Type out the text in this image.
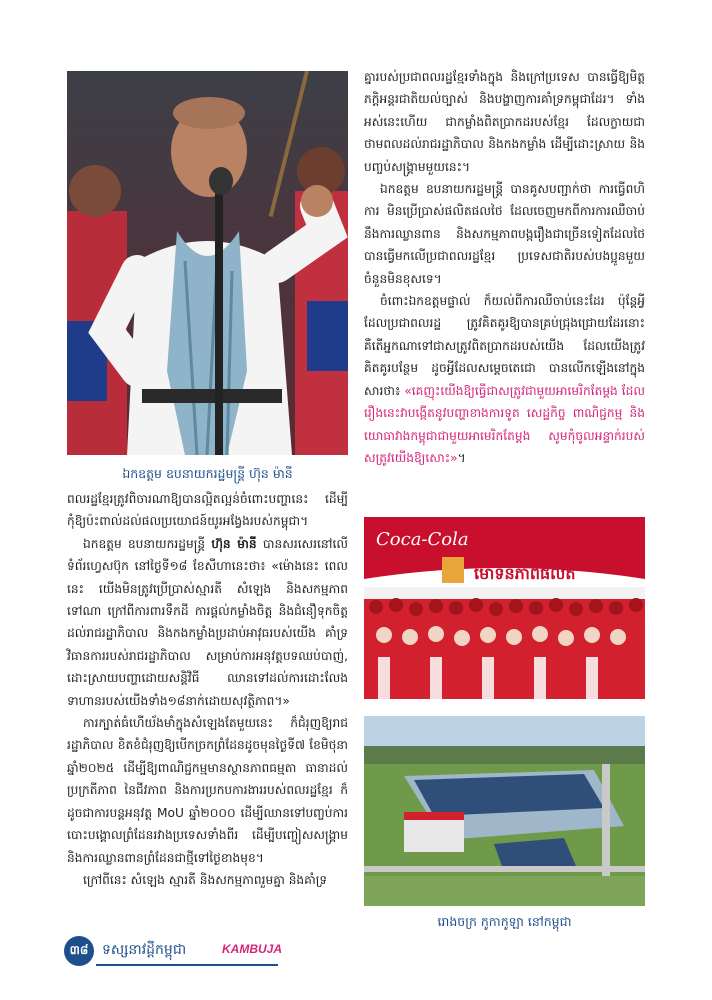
ឯកឧត្តម ឧបនាយករដ្ឋមន្ត្រី ហ៊ុន ម៉ានី

ពលរដ្ឋខ្មែរត្រូវពិចារណាឱ្យបានល្អិតល្អន់ចំពោះបញ្ហានេះ ដើម្បីកុំឱ្យប៉ះពាល់ដល់ផលប្រយោជន៍យូរអង្វែងរបស់កម្ពុជា។

ឯកឧត្តម ឧបនាយករដ្ឋមន្ត្រី ហ៊ុន ម៉ានី បានសរសេរនៅលើទំព័រហ្វេសប៊ុក នៅថ្ងៃទី១៨ ខែសីហានេះថា៖ «ម៉ោងនេះ ពេលនេះ យើងមិនត្រូវប្រើប្រាស់ស្មារតី សំឡេង និងសកម្មភាពទៅណា ក្រៅពីការពារទឹកដី ការផ្តល់កម្លាំងចិត្ត និងជំនឿទុកចិត្តដល់រាជរដ្ឋាភិបាល និងកងកម្លាំងប្រដាប់អាវុធរបស់យើង គាំទ្រវិធានការរបស់រាជរដ្ឋាភិបាល សម្រាប់ការអនុវត្តបទឈប់បាញ់, ដោះស្រាយបញ្ហាដោយសន្តិវិធី ឈានទៅដល់ការដោះលែង ទាហានរបស់យើងទាំង១៨នាក់ដោយសុវត្ថិភាព។»

ការក្បាត់ធំហើយ័ងមាំក្នុងសំឡេងតែមួយនេះ ក៏ជំរុញឱ្យរាជរដ្ឋាភិបាល ខិតខំជំរុញឱ្យបើកច្រកព្រំដែនដូចមុនថ្ងៃទី៧ ខែមិថុនា ឆ្នាំ២០២៥ ដើម្បីឱ្យពាណិជ្ជកម្មមានស្ថានភាពធម្មតា ធានាដល់ប្រក្រតីភាព នៃជីវភាព និងការប្រកបការងាររបស់ពលរដ្ឋខ្មែរ ក៏ដូចជាការបន្តអនុវត្ត MoU ឆ្នាំ២០០០ ដើម្បីឈានទៅបញ្ចប់ការបោះបង្គោលព្រំដែនរវាងប្រទេសទាំងពីរ ដើម្បីបញ្ចៀសសង្គ្រាម និងការឈ្លានពានព្រំដែនជាថ្មីទៅថ្ងៃខាងមុខ។

ក្រៅពីនេះ សំឡេង ស្មារតី និងសកម្មភាពរួមគ្នា និងគាំទ្រ

គ្នារបស់ប្រជាពលរដ្ឋខ្មែរទាំងក្នុង និងក្រៅប្រទេស បានធ្វើឱ្យមិត្តភក្តិអន្តរជាតិយល់ច្បាស់ និងបង្ហាញការគាំទ្រកម្ពុជាដែរ។ ទាំងអស់នេះហើយ ជាកម្លាំងពិតប្រាកដរបស់ខ្មែរ ដែលក្លាយជាថាមពលដល់រាជរដ្ឋាភិបាល និងកងកម្លាំង ដើម្បីដោះស្រាយ និងបញ្ចប់សង្គ្រាមមួយនេះ។

ឯកឧត្តម ឧបនាយករដ្ឋមន្ត្រី បានគូសបញ្ជាក់ថា ការធ្វើពហិការ មិនប្រើប្រាស់ផលិតផលថៃ ដែលចេញមកពីការការឈឺចាប់នឹងការឈ្លានពាន និងសកម្មភាពបង្ករឿងជាច្រើនទៀតដែលថៃ បានធ្វើមកលើប្រជាពលរដ្ឋខ្មែរ ប្រទេសជាតិរបស់បងប្អូនមួយចំនួនមិនខុសទេ។

ចំពោះឯកឧត្តមផ្ទាល់ ក៏យល់ពីការឈឺចាប់នេះដែរ ប៉ុន្តែអ្វីដែលប្រជាពលរដ្ឋ ត្រូវគិតគូរឱ្យបានគ្រប់ជ្រុងជ្រោយដែរនោះ គឺតើអ្នកណាទៅជាសត្រូវពិតប្រាកដរបស់យើង ដែលយើងត្រូវគិតគូរបន្ថែម ដូចអ្វីដែលសម្តេចតេជោ បានលើកឡើងនៅក្នុងសារថា៖ «គេញុះយើងឱ្យធ្វើជាសត្រូវជាមួយអាមេរិកតែម្តង ដែលរឿងនេះវាបង្កើតនូវបញ្ហាខាងការទូត សេដ្ឋកិច្ច ពាណិជ្ជកម្ម និងយោធាវាងកម្ពុជាជាមួយអាមេរិកតែម្តង សូមកុំចូលអន្ទាក់របស់សត្រូវយើងឱ្យសោះ»។

Coca-Cola
មោទនភាពផលិត
រោងចក្រ កូកាកូឡា នៅកម្ពុជា
៣៨ ទស្សនាវដ្តីកម្ពុជា	KAMBUJA
